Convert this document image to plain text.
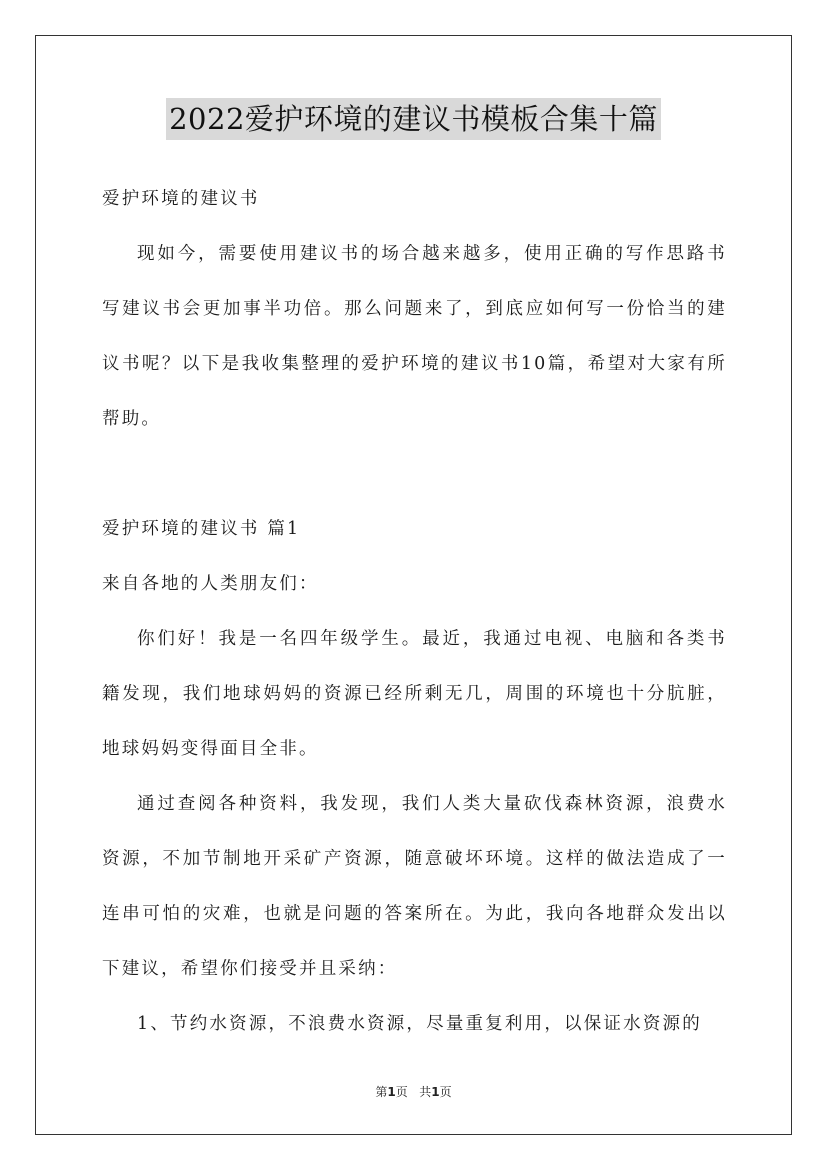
2022爱护环境的建议书模板合集十篇

爱护环境的建议书

现如今，需要使用建议书的场合越来越多，使用正确的写作思路书写建议书会更加事半功倍。那么问题来了，到底应如何写一份恰当的建议书呢？以下是我收集整理的爱护环境的建议书10篇，希望对大家有所帮助。

爱护环境的建议书 篇1

来自各地的人类朋友们：

你们好！我是一名四年级学生。最近，我通过电视、电脑和各类书籍发现，我们地球妈妈的资源已经所剩无几，周围的环境也十分肮脏，地球妈妈变得面目全非。

通过查阅各种资料，我发现，我们人类大量砍伐森林资源，浪费水资源，不加节制地开采矿产资源，随意破坏环境。这样的做法造成了一连串可怕的灾难，也就是问题的答案所在。为此，我向各地群众发出以下建议，希望你们接受并且采纳：

1、节约水资源，不浪费水资源，尽量重复利用，以保证水资源的

第1页 共1页
